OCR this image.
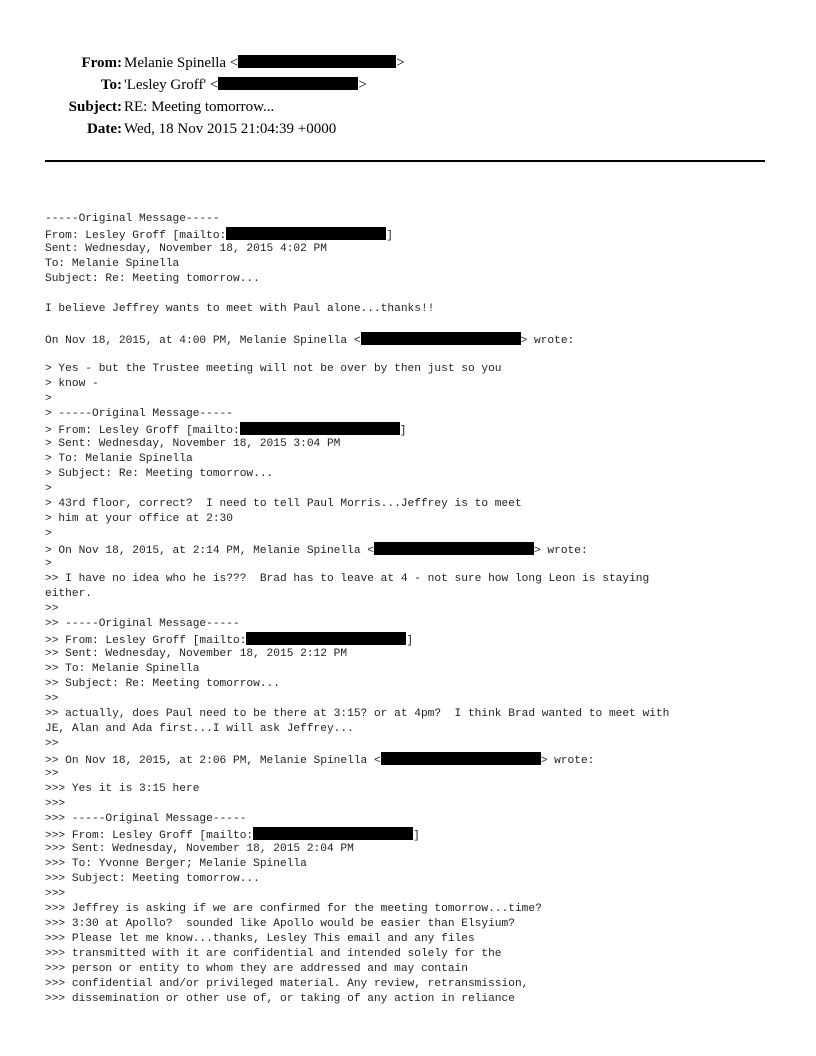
From: Melanie Spinella <	>
To: 'Lesley Groff' <	>
Subject: RE: Meeting tomorrow...
Date: Wed, 18 Nov 2015 21:04:39 +0000
-----Original Message-----
From: Lesley Groff [mailto:	]
Sent: Wednesday, November 18, 2015 4:02 PM
To: Melanie Spinella
Subject: Re: Meeting tomorrow...
I believe Jeffrey wants to meet with Paul alone...thanks!!
On Nov 18, 2015, at 4:00 PM, Melanie Spinella <	> wrote:
> Yes - but the Trustee meeting will not be over by then just so you
> know -
>
> -----Original Message-----
> From: Lesley Groff [mailto:	]
> Sent: Wednesday, November 18, 2015 3:04 PM
> To: Melanie Spinella
> Subject: Re: Meeting tomorrow...
>
> 43rd floor, correct?  I need to tell Paul Morris...Jeffrey is to meet
> him at your office at 2:30
>
> On Nov 18, 2015, at 2:14 PM, Melanie Spinella <	> wrote:
>
>> I have no idea who he is???  Brad has to leave at 4 - not sure how long Leon is staying
either.
>>
>> -----Original Message-----
>> From: Lesley Groff [mailto:	]
>> Sent: Wednesday, November 18, 2015 2:12 PM
>> To: Melanie Spinella
>> Subject: Re: Meeting tomorrow...
>>
>> actually, does Paul need to be there at 3:15? or at 4pm?  I think Brad wanted to meet with
JE, Alan and Ada first...I will ask Jeffrey...
>>
>> On Nov 18, 2015, at 2:06 PM, Melanie Spinella <	> wrote:
>>
>>> Yes it is 3:15 here
>>>
>>> -----Original Message-----
>>> From: Lesley Groff [mailto:	]
>>> Sent: Wednesday, November 18, 2015 2:04 PM
>>> To: Yvonne Berger; Melanie Spinella
>>> Subject: Meeting tomorrow...
>>>
>>> Jeffrey is asking if we are confirmed for the meeting tomorrow...time?
>>> 3:30 at Apollo?  sounded like Apollo would be easier than Elsyium?
>>> Please let me know...thanks, Lesley This email and any files
>>> transmitted with it are confidential and intended solely for the
>>> person or entity to whom they are addressed and may contain
>>> confidential and/or privileged material. Any review, retransmission,
>>> dissemination or other use of, or taking of any action in reliance
